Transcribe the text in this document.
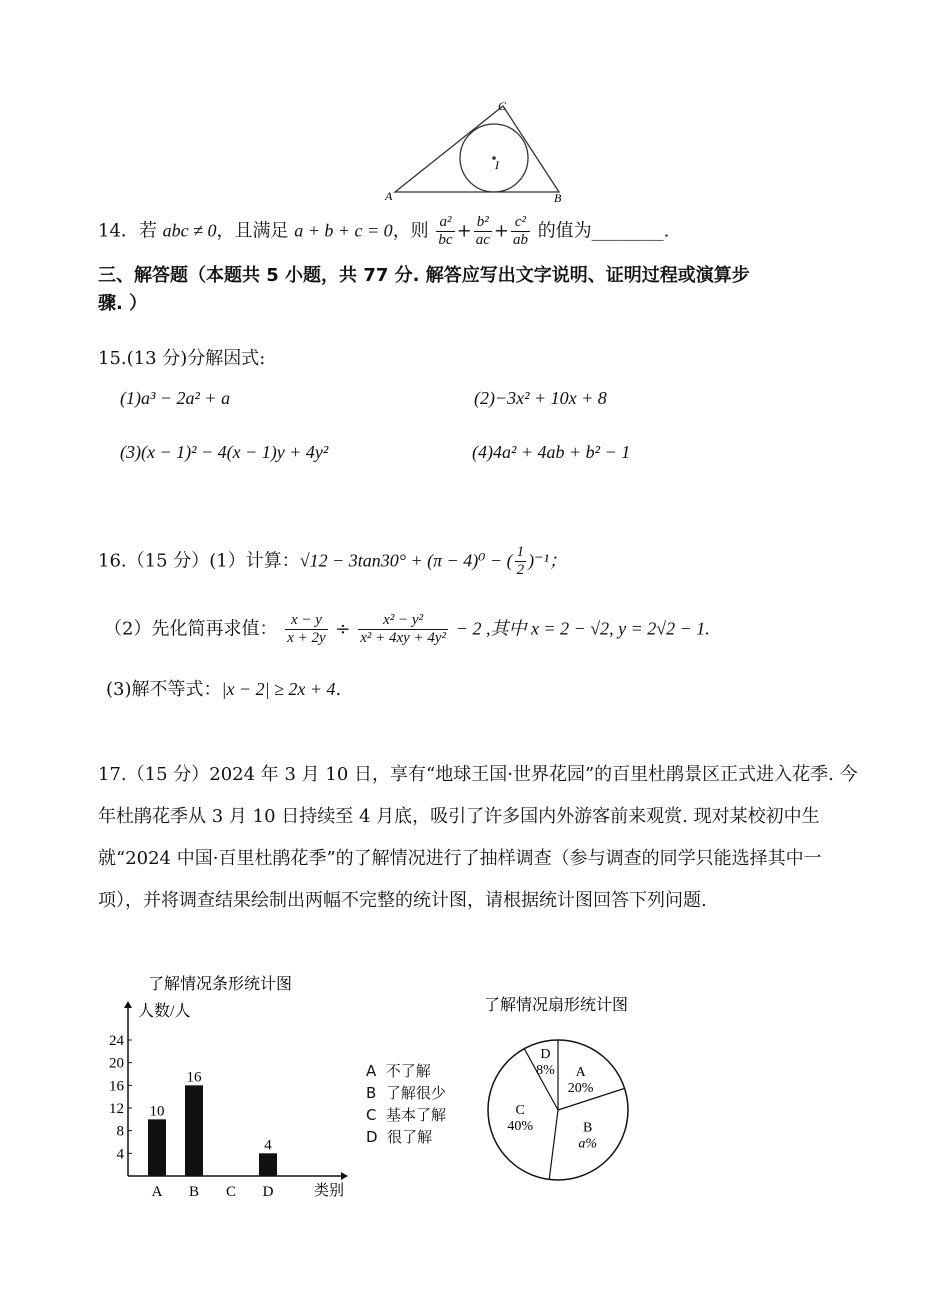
C
A	B
I
14．若 abc ≠ 0，且满足 a + b + c = 0，则 $\frac{\text{a²}}{bc} + \frac{\text{b²}}{ac} + \frac{\text{c²}}{ab}$ 的值为________.
三、解答题（本题共 5 小题，共 77 分. 解答应写出文字说明、证明过程或演算步
骤. ）
15.(13 分)分解因式:
(1)a³ − 2a² + a	(2)−3x² + 10x + 8
(3)(x − 1)² − 4(x − 1)y + 4y²	(4)4a² + 4ab + b² − 1
16.（15 分）(1）计算：√12 − 3tan30° + (π − 4)⁰ − ( $\frac{1}{2} )^{-1}$；
（2）先化简再求值： $\frac{x - y}{x + 2y} \div \frac{\text{x² − y²}}{\text{x² + 4xy + 4y²}} - 2$ ,其中 x = 2 − √2, y = 2√2 − 1.
(3)解不等式：|x − 2| ≥ 2x + 4.
17.（15 分）2024 年 3 月 10 日，享有“地球王国·世界花园”的百里杜鹃景区正式进入花季. 今年杜鹃花季从 3 月 10 日持续至 4 月底，吸引了许多国内外游客前来观赏. 现对某校初中生就“2024 中国·百里杜鹃花季”的了解情况进行了抽样调查（参与调查的同学只能选择其中一项），并将调查结果绘制出两幅不完整的统计图，请根据统计图回答下列问题.
了解情况条形统计图
人数/人
类别
4
8
12
16
20
24
10
A
16
B C
4
D
A  不了解
B  了解很少
C  基本了解
D  很了解
了解情况扇形统计图
A
20%
B
a%
C
40%
D
8%
